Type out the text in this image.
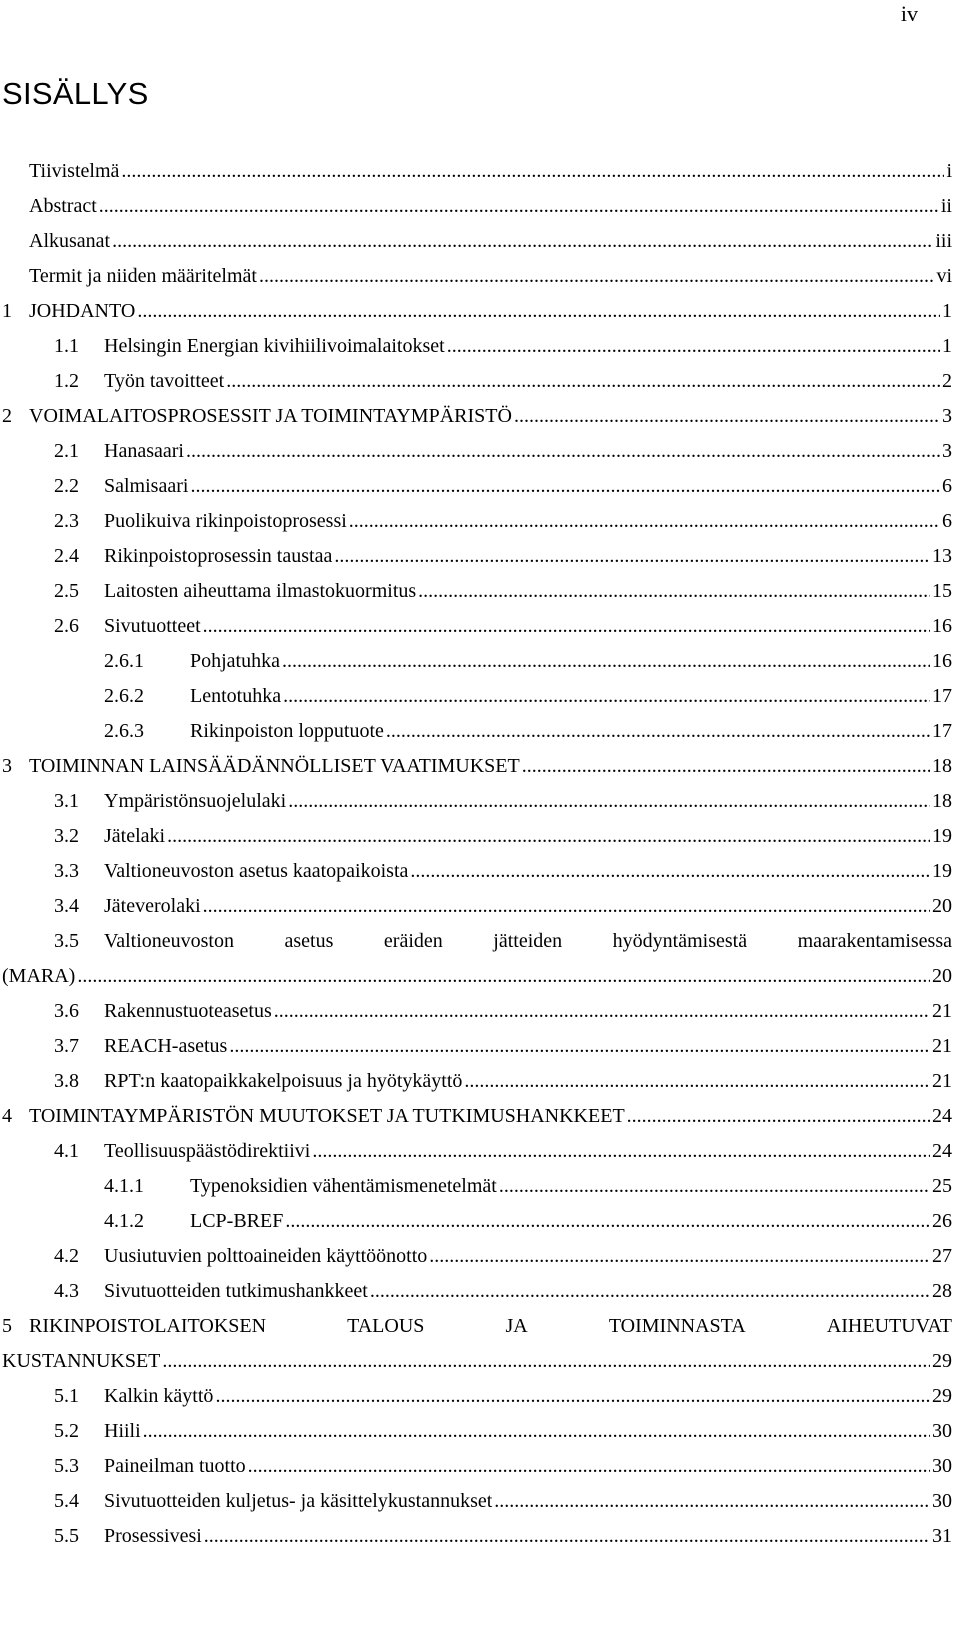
iv
SISÄLLYS
Tiivistelmä .....	i
Abstract .....	ii
Alkusanat .....	iii
Termit ja niiden määritelmät .....	vi
1 JOHDANTO .....	1
1.1	Helsingin Energian kivihiilivoimalaitokset .....	1
1.2	Työn tavoitteet .....	2
2 VOIMALAITOSPROSESSIT JA TOIMINTAYMPÄRISTÖ .....	3
2.1	Hanasaari .....	3
2.2	Salmisaari .....	6
2.3	Puolikuiva rikinpoistoprosessi .....	6
2.4	Rikinpoistoprosessin taustaa .....	13
2.5	Laitosten aiheuttama ilmastokuormitus .....	15
2.6	Sivutuotteet .....	16
2.6.1	Pohjatuhka .....	16
2.6.2	Lentotuhka .....	17
2.6.3	Rikinpoiston lopputuote .....	17
3 TOIMINNAN LAINSÄÄDÄNNÖLLISET VAATIMUKSET .....	18
3.1	Ympäristönsuojelulaki .....	18
3.2	Jätelaki .....	19
3.3	Valtioneuvoston asetus kaatopaikoista .....	19
3.4	Jäteverolaki .....	20
3.5	Valtioneuvoston	asetus	eräiden	jätteiden	hyödyntämisestä	maarakentamisessa
(MARA) .....	20
3.6	Rakennustuoteasetus .....	21
3.7	REACH-asetus .....	21
3.8	RPT:n kaatopaikkakelpoisuus ja hyötykäyttö .....	21
4 TOIMINTAYMPÄRISTÖN MUUTOKSET JA TUTKIMUSHANKKEET .....	24
4.1	Teollisuuspäästödirektiivi .....	24
4.1.1	Typenoksidien vähentämismenetelmät .....	25
4.1.2	LCP-BREF .....	26
4.2	Uusiutuvien polttoaineiden käyttöönotto .....	27
4.3	Sivutuotteiden tutkimushankkeet .....	28
5 RIKINPOISTOLAITOKSEN	TALOUS	JA	TOIMINNASTA	AIHEUTUVAT
KUSTANNUKSET .....	29
5.1	Kalkin käyttö .....	29
5.2	Hiili .....	30
5.3	Paineilman tuotto .....	30
5.4	Sivutuotteiden kuljetus- ja käsittelykustannukset .....	30
5.5	Prosessivesi .....	31
